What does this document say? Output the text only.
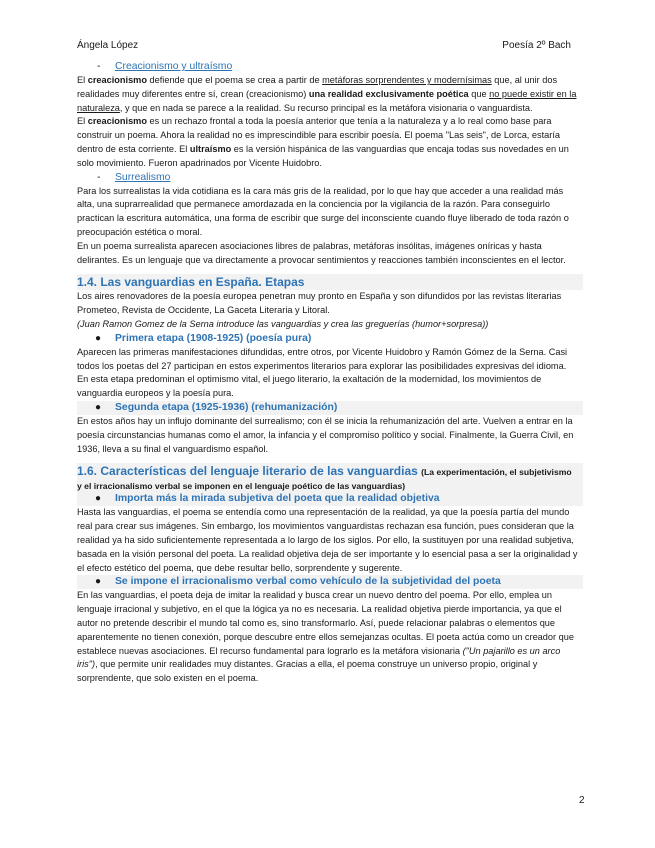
Ángela López	Poesía 2º Bach
- Creacionismo y ultraísmo

El creacionismo defiende que el poema se crea a partir de metáforas sorprendentes y modernísimas que, al unir dos realidades muy diferentes entre sí, crean (creacionismo) una realidad exclusivamente poética que no puede existir en la naturaleza, y que en nada se parece a la realidad. Su recurso principal es la metáfora visionaria o vanguardista.

El creacionismo es un rechazo frontal a toda la poesía anterior que tenía a la naturaleza y a lo real como base para construir un poema. Ahora la realidad no es imprescindible para escribir poesía. El poema "Las seis", de Lorca, estaría dentro de esta corriente. El ultraísmo es la versión hispánica de las vanguardias que encaja todas sus novedades en un solo movimiento. Fueron apadrinados por Vicente Huidobro.

- Surrealismo

Para los surrealistas la vida cotidiana es la cara más gris de la realidad, por lo que hay que acceder a una realidad más alta, una suprarrealidad que permanece amordazada en la conciencia por la vigilancia de la razón. Para conseguirlo practican la escritura automática, una forma de escribir que surge del inconsciente cuando fluye liberado de toda razón o preocupación estética o moral.

En un poema surrealista aparecen asociaciones libres de palabras, metáforas insólitas, imágenes oníricas y hasta delirantes. Es un lenguaje que va directamente a provocar sentimientos y reacciones también inconscientes en el lector.

1.4. Las vanguardias en España. Etapas

Los aires renovadores de la poesía europea penetran muy pronto en España y son difundidos por las revistas literarias Prometeo, Revista de Occidente, La Gaceta Literaria y Litoral.

(Juan Ramon Gomez de la Serna introduce las vanguardias y crea las greguerías (humor+sorpresa))

● Primera etapa (1908-1925) (poesía pura)

Aparecen las primeras manifestaciones difundidas, entre otros, por Vicente Huidobro y Ramón Gómez de la Serna. Casi todos los poetas del 27 participan en estos experimentos literarios para explorar las posibilidades expresivas del idioma.

En esta etapa predominan el optimismo vital, el juego literario, la exaltación de la modernidad, los movimientos de vanguardia europeos y la poesía pura.

● Segunda etapa (1925-1936) (rehumanización)

En estos años hay un influjo dominante del surrealismo; con él se inicia la rehumanización del arte. Vuelven a entrar en la poesía circunstancias humanas como el amor, la infancia y el compromiso político y social. Finalmente, la Guerra Civil, en 1936, lleva a su final el vanguardismo español.

1.6. Características del lenguaje literario de las vanguardias (La experimentación, el subjetivismo
y el irracionalismo verbal se imponen en el lenguaje poético de las vanguardias)
● Importa más la mirada subjetiva del poeta que la realidad objetiva

Hasta las vanguardias, el poema se entendía como una representación de la realidad, ya que la poesía partía del mundo real para crear sus imágenes. Sin embargo, los movimientos vanguardistas rechazan esa función, pues consideran que la realidad ya ha sido suficientemente representada a lo largo de los siglos. Por ello, la sustituyen por una realidad subjetiva, basada en la visión personal del poeta. La realidad objetiva deja de ser importante y lo esencial pasa a ser la originalidad y el efecto estético del poema, que debe resultar bello, sorprendente y sugerente.

● Se impone el irracionalismo verbal como vehículo de la subjetividad del poeta

En las vanguardias, el poeta deja de imitar la realidad y busca crear un nuevo dentro del poema. Por ello, emplea un lenguaje irracional y subjetivo, en el que la lógica ya no es necesaria. La realidad objetiva pierde importancia, ya que el autor no pretende describir el mundo tal como es, sino transformarlo. Así, puede relacionar palabras o elementos que aparentemente no tienen conexión, porque descubre entre ellos semejanzas ocultas. El poeta actúa como un creador que establece nuevas asociaciones. El recurso fundamental para lograrlo es la metáfora visionaria ("Un pajarillo es un arco iris"), que permite unir realidades muy distantes. Gracias a ella, el poema construye un universo propio, original y sorprendente, que solo existen en el poema.

2
